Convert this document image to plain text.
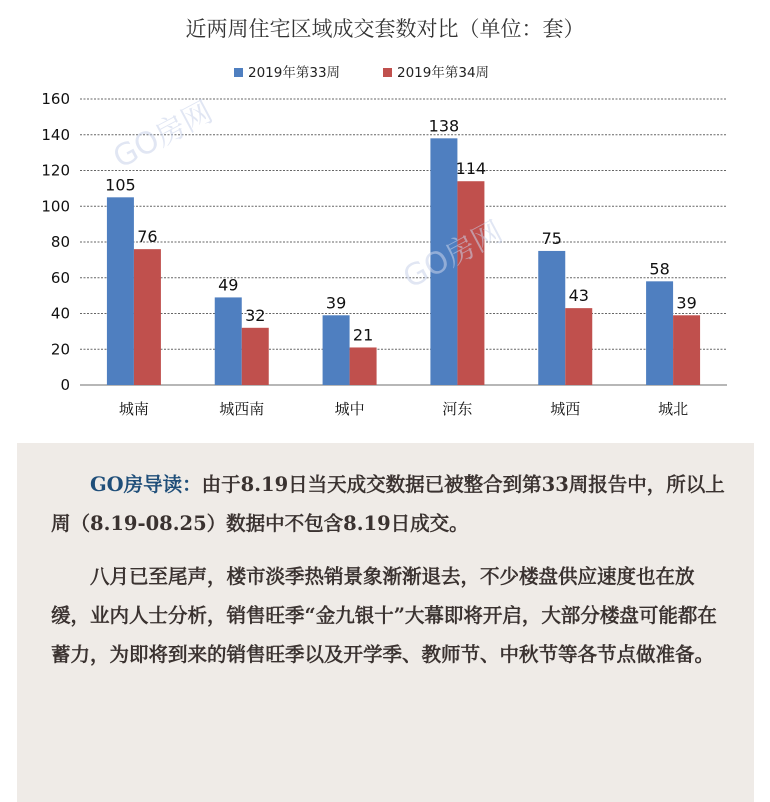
近两周住宅区域成交套数对比（单位：套）
2019年第33周	2019年第34周
0
20
40
60
80
100
120
140
160
105
76
城南
49
32
城西南
39
21
城中
138
114
河东
75
43
城西
58
39
城北
GO房网
GO房网

GO房导读：由于8.19日当天成交数据已被整合到第33周报告中，所以上周（8.19-08.25）数据中不包含8.19日成交。

八月已至尾声，楼市淡季热销景象渐渐退去，不少楼盘供应速度也在放缓，业内人士分析，销售旺季“金九银十”大幕即将开启，大部分楼盘可能都在蓄力，为即将到来的销售旺季以及开学季、教师节、中秋节等各节点做准备。
